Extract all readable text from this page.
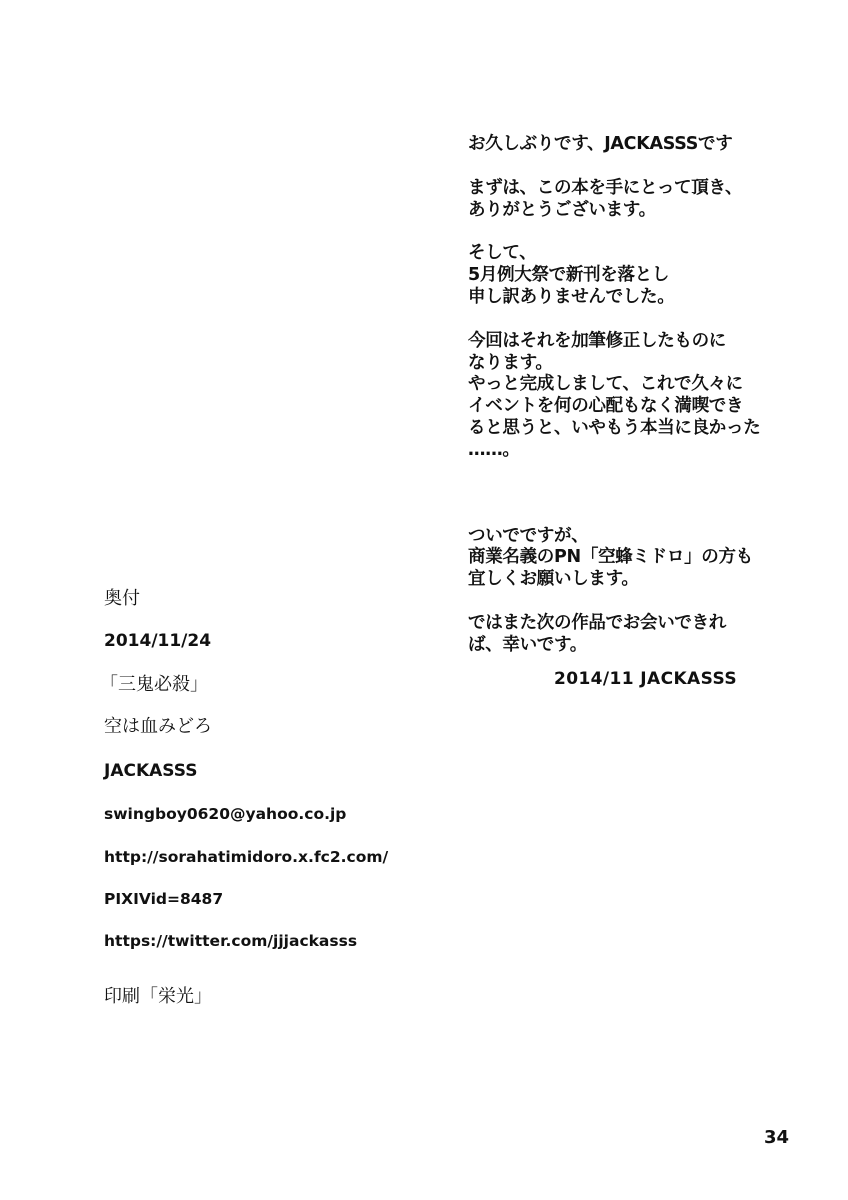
お久しぶりです、JACKASSSです
まずは、この本を手にとって頂き、
ありがとうございます。
そして、
5月例大祭で新刊を落とし
申し訳ありませんでした。
今回はそれを加筆修正したものに
なります。
やっと完成しまして、これで久々に
イベントを何の心配もなく満喫でき
ると思うと、いやもう本当に良かった
……。
ついでですが、
商業名義のPN「空蜂ミドロ」の方も
宜しくお願いします。
ではまた次の作品でお会いできれ
ば、幸いです。
2014/11 JACKASSS
奥付
2014/11/24
「三鬼必殺」
空は血みどろ
JACKASSS
swingboy0620@yahoo.co.jp
http://sorahatimidoro.x.fc2.com/
PIXIVid=8487
https://twitter.com/jjjackasss
印刷「栄光」
34
